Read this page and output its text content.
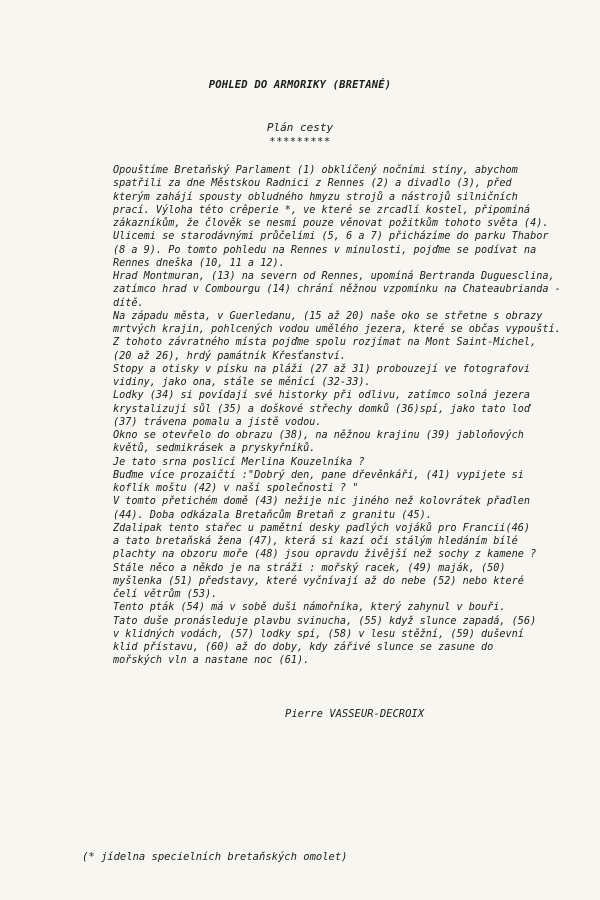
POHLED DO ARMORIKY (BRETANÉ)
Plán cesty
*********
Opouštíme Bretaňský Parlament (1) obklíčený nočními stíny, abychom
spatřili za dne Městskou Radnici z Rennes (2) a divadlo (3), před
kterým zahájí spousty obludného hmyzu strojů a nástrojů silničních
prací. Výloha této crêperie *, ve které se zrcadlí kostel, připomíná
zákazníkům, že člověk se nesmí pouze věnovat požitkům tohoto světa (4).
Ulicemi se starodávnými průčelími (5, 6 a 7) přicházíme do parku Thabor
(8 a 9). Po tomto pohledu na Rennes v minulosti, pojďme se podívat na
Rennes dneška (10, 11 a 12).
Hrad Montmuran, (13) na severn od Rennes, upomíná Bertranda Duguesclina,
zatímco hrad v Combourgu (14) chrání něžnou vzpomínku na Chateaubrianda -
dítě.
Na západu města, v Guerledanu, (15 až 20) naše oko se střetne s obrazy
mrtvých krajin, pohlcených vodou umělého jezera, které se občas vypouští.
Z tohoto závratného místa pojďme spolu rozjímat na Mont Saint-Michel,
(20 až 26), hrdý památník Křesťanství.
Stopy a otisky v písku na pláži (27 až 31) probouzejí ve fotografovi
vidiny, jako ona, stále se měnící (32-33).
Lodky (34) si povídají své historky při odlivu, zatímco solná jezera
krystalizují sůl (35) a doškové střechy domků (36)spí, jako tato loď
(37) trávena pomalu a jistě vodou.
Okno se otevřelo do obrazu (38), na něžnou krajinu (39) jabloňových
květů, sedmikrásek a pryskyřníků.
Je tato srna poslicí Merlina Kouzelníka ?
Buďme více prozaičtí :"Dobrý den, pane dřevěnkáři, (41) vypijete si
koflík moštu (42) v naší společnosti ? "
V tomto přetichém domě (43) nežije nic jiného než kolovrátek přadlen
(44). Doba odkázala Bretaňcům Bretaň z granitu (45).
Zdalipak tento stařec u pamětní desky padlých vojáků pro Francii(46)
a tato bretaňská žena (47), která si kazí oči stálým hledáním bílé
plachty na obzoru moře (48) jsou opravdu živější než sochy z kamene ?
Stále něco a někdo je na stráži : mořský racek, (49) maják, (50)
myšlenka (51) představy, které vyčnívají až do nebe (52) nebo které
čelí větrům (53).
Tento pták (54) má v sobě duši námořníka, který zahynul v bouři.
Tato duše pronásleduje plavbu svinucha, (55) když slunce zapadá, (56)
v klidných vodách, (57) lodky spí, (58) v lesu stěžní, (59) duševní
klid přístavu, (60) až do doby, kdy zářivé slunce se zasune do
mořských vln a nastane noc (61).
Pierre VASSEUR-DECROIX
(* jídelna specielních bretaňských omolet)
